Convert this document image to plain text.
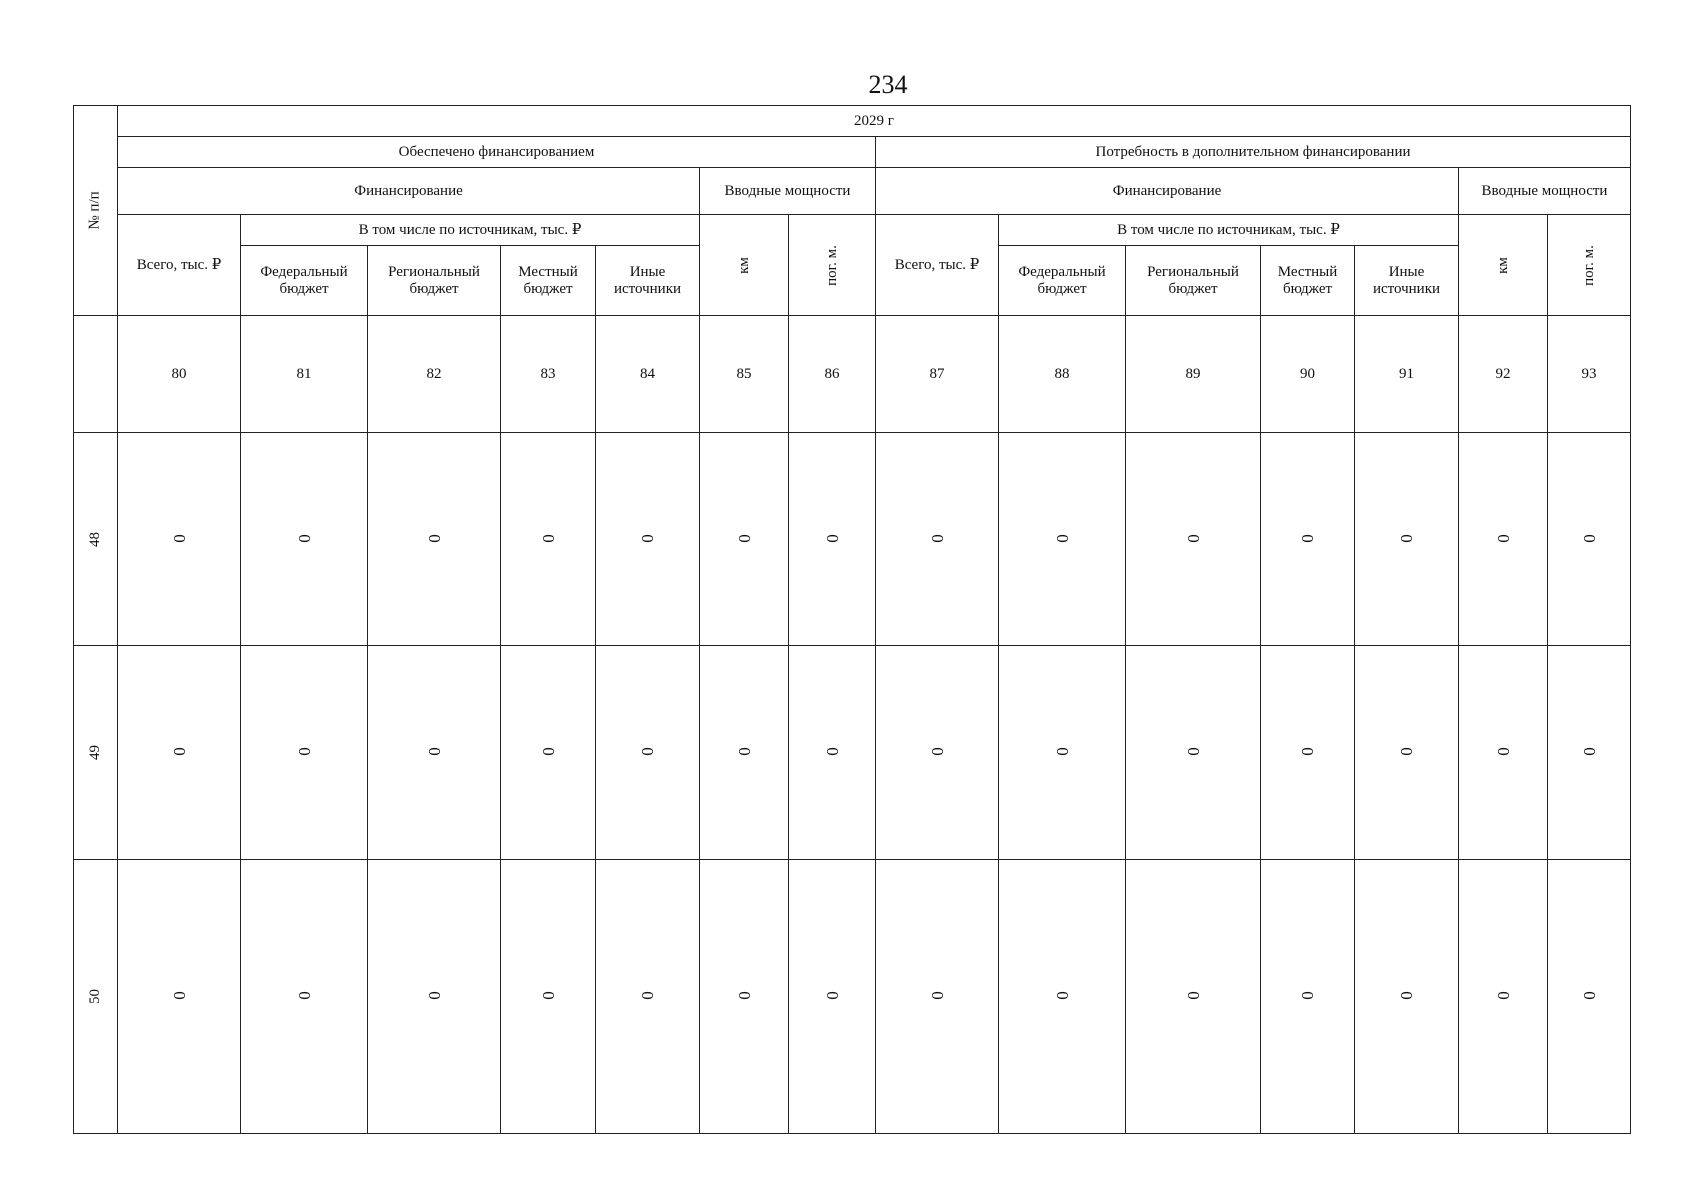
234
№ п/п	2029 г													
	Обеспечено финансированием							Потребность в дополнительном финансировании						
	Финансирование					Вводные мощности		Финансирование					Вводные мощности	
	Всего, тыс. ₽	В том числе по источникам, тыс. ₽				км	пог. м.	Всего, тыс. ₽	В том числе по источникам, тыс. ₽				км	пог. м.
		Федеральный бюджет	Региональный бюджет	Местный бюджет	Иные источники				Федеральный бюджет	Региональный бюджет	Местный бюджет	Иные источники		
	80	81	82	83	84	85	86	87	88	89	90	91	92	93
48	0	0	0	0	0	0	0	0	0	0	0	0	0	0
49	0	0	0	0	0	0	0	0	0	0	0	0	0	0
50	0	0	0	0	0	0	0	0	0	0	0	0	0	0
